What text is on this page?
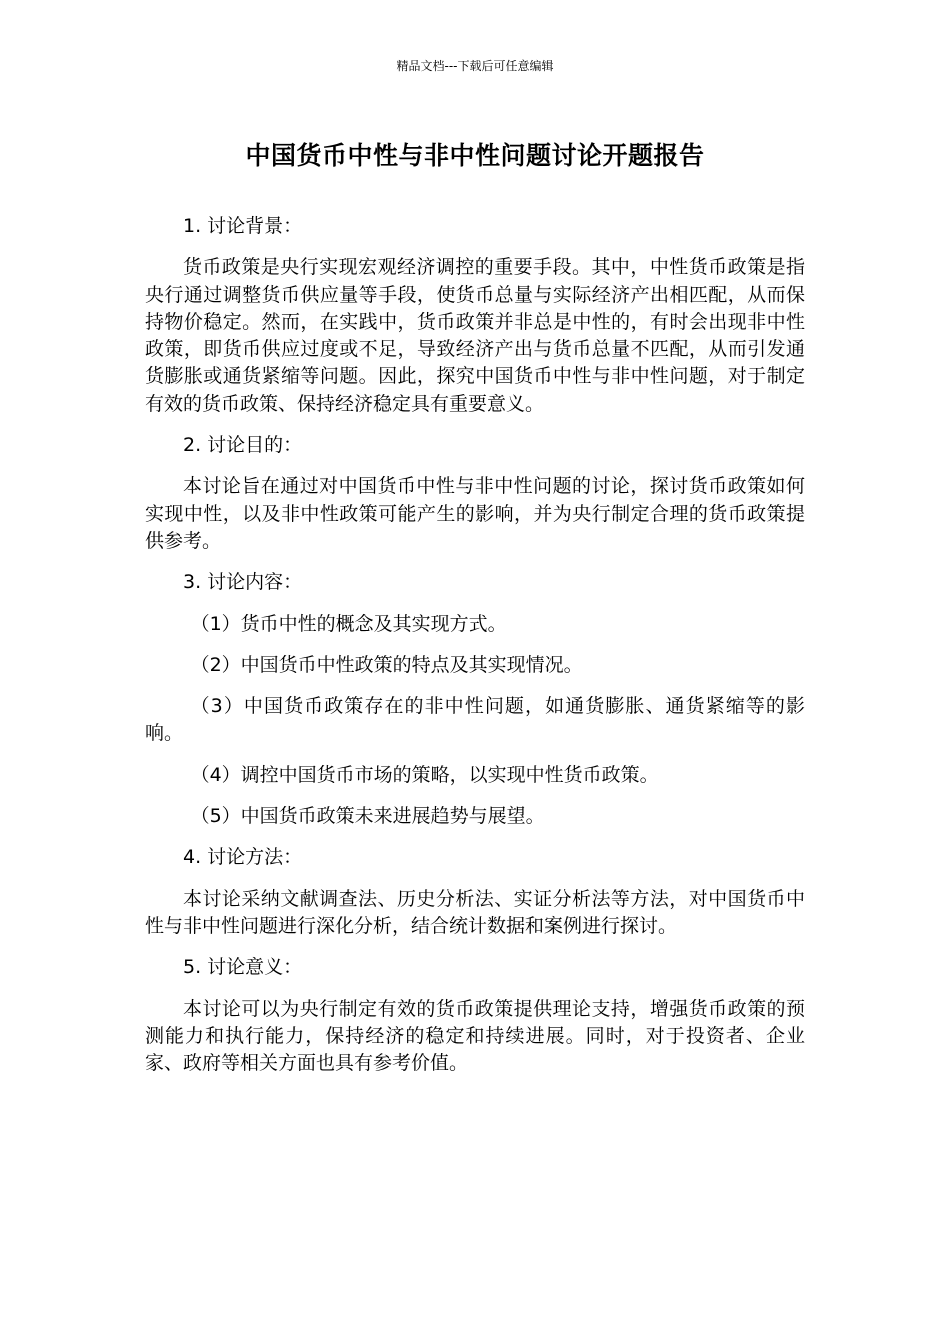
精品文档---下载后可任意编辑
中国货币中性与非中性问题讨论开题报告

1. 讨论背景：

货币政策是央行实现宏观经济调控的重要手段。其中，中性货币政策是指央行通过调整货币供应量等手段，使货币总量与实际经济产出相匹配，从而保持物价稳定。然而，在实践中，货币政策并非总是中性的，有时会出现非中性政策，即货币供应过度或不足，导致经济产出与货币总量不匹配，从而引发通货膨胀或通货紧缩等问题。因此，探究中国货币中性与非中性问题，对于制定有效的货币政策、保持经济稳定具有重要意义。

2. 讨论目的：

本讨论旨在通过对中国货币中性与非中性问题的讨论，探讨货币政策如何实现中性，以及非中性政策可能产生的影响，并为央行制定合理的货币政策提供参考。

3. 讨论内容：

（1）货币中性的概念及其实现方式。

（2）中国货币中性政策的特点及其实现情况。

（3）中国货币政策存在的非中性问题，如通货膨胀、通货紧缩等的影响。

（4）调控中国货币市场的策略，以实现中性货币政策。

（5）中国货币政策未来进展趋势与展望。

4. 讨论方法：

本讨论采纳文献调查法、历史分析法、实证分析法等方法，对中国货币中性与非中性问题进行深化分析，结合统计数据和案例进行探讨。

5. 讨论意义：

本讨论可以为央行制定有效的货币政策提供理论支持，增强货币政策的预测能力和执行能力，保持经济的稳定和持续进展。同时，对于投资者、企业家、政府等相关方面也具有参考价值。
